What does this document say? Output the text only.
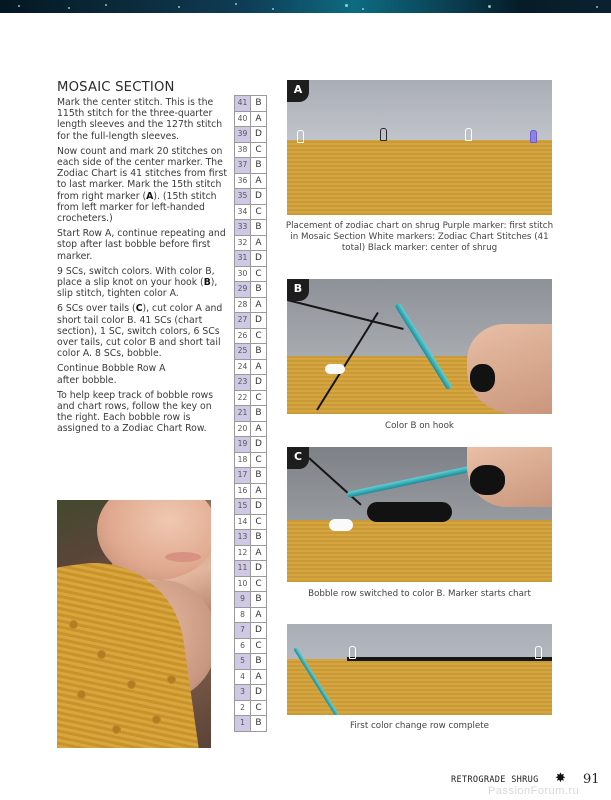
MOSAIC SECTION

Mark the center stitch. This is the 115th stitch for the three-quarter length sleeves and the 127th stitch for the full-length sleeves.

Now count and mark 20 stitches on each side of the center marker. The Zodiac Chart is 41 stitches from first to last marker. Mark the 15th stitch from right marker (A). (15th stitch from left marker for left-handed crocheters.)

Start Row A, continue repeating and stop after last bobble before first marker.

9 SCs, switch colors. With color B, place a slip knot on your hook (B), slip stitch, tighten color A.

6 SCs over tails (C), cut color A and short tail color B. 41 SCs (chart section), 1 SC, switch colors, 6 SCs over tails, cut color B and short tail color A. 8 SCs, bobble.

Continue Bobble Row A after bobble.

To help keep track of bobble rows and chart rows, follow the key on the right. Each bobble row is assigned to a Zodiac Chart Row.

41	B
40	A
39	D
38	C
37	B
36	A
35	D
34	C
33	B
32	A
31	D
30	C
29	B
28	A
27	D
26	C
25	B
24	A
23	D
22	C
21	B
20	A
19	D
18	C
17	B
16	A
15	D
14	C
13	B
12	A
11	D
10	C
9	B
8	A
7	D
6	C
5	B
4	A
3	D
2	C
1	B
A
Placement of zodiac chart on shrug Purple marker: first stitch in Mosaic Section White markers: Zodiac Chart Stitches (41 total) Black marker: center of shrug
B
Color B on hook
C
Bobble row switched to color B. Marker starts chart
First color change row complete
RETROGRADE SHRUG ✸ 91
PassionForum.ru
